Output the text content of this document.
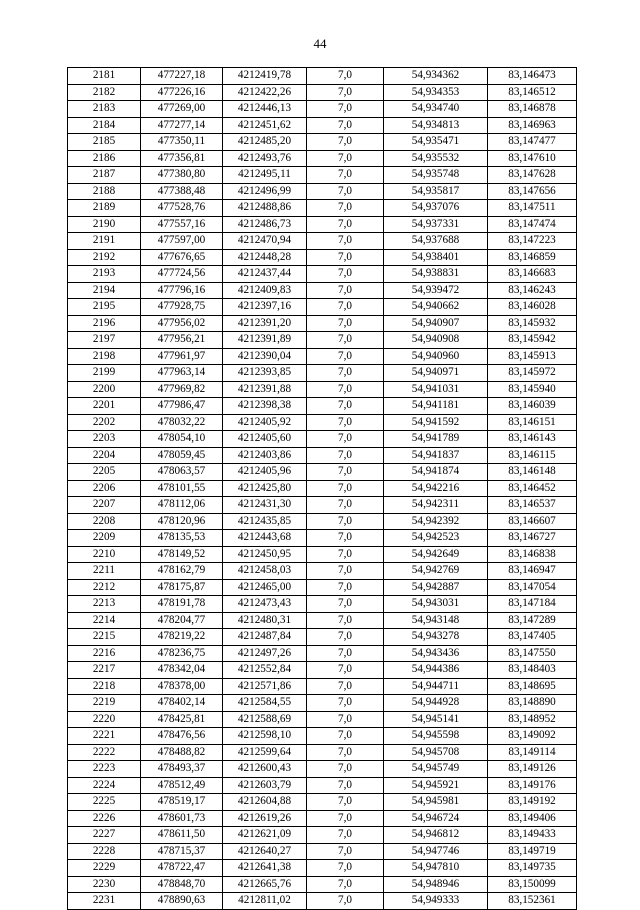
44
2181	477227,18	4212419,78	7,0	54,934362	83,146473
2182	477226,16	4212422,26	7,0	54,934353	83,146512
2183	477269,00	4212446,13	7,0	54,934740	83,146878
2184	477277,14	4212451,62	7,0	54,934813	83,146963
2185	477350,11	4212485,20	7,0	54,935471	83,147477
2186	477356,81	4212493,76	7,0	54,935532	83,147610
2187	477380,80	4212495,11	7,0	54,935748	83,147628
2188	477388,48	4212496,99	7,0	54,935817	83,147656
2189	477528,76	4212488,86	7,0	54,937076	83,147511
2190	477557,16	4212486,73	7,0	54,937331	83,147474
2191	477597,00	4212470,94	7,0	54,937688	83,147223
2192	477676,65	4212448,28	7,0	54,938401	83,146859
2193	477724,56	4212437,44	7,0	54,938831	83,146683
2194	477796,16	4212409,83	7,0	54,939472	83,146243
2195	477928,75	4212397,16	7,0	54,940662	83,146028
2196	477956,02	4212391,20	7,0	54,940907	83,145932
2197	477956,21	4212391,89	7,0	54,940908	83,145942
2198	477961,97	4212390,04	7,0	54,940960	83,145913
2199	477963,14	4212393,85	7,0	54,940971	83,145972
2200	477969,82	4212391,88	7,0	54,941031	83,145940
2201	477986,47	4212398,38	7,0	54,941181	83,146039
2202	478032,22	4212405,92	7,0	54,941592	83,146151
2203	478054,10	4212405,60	7,0	54,941789	83,146143
2204	478059,45	4212403,86	7,0	54,941837	83,146115
2205	478063,57	4212405,96	7,0	54,941874	83,146148
2206	478101,55	4212425,80	7,0	54,942216	83,146452
2207	478112,06	4212431,30	7,0	54,942311	83,146537
2208	478120,96	4212435,85	7,0	54,942392	83,146607
2209	478135,53	4212443,68	7,0	54,942523	83,146727
2210	478149,52	4212450,95	7,0	54,942649	83,146838
2211	478162,79	4212458,03	7,0	54,942769	83,146947
2212	478175,87	4212465,00	7,0	54,942887	83,147054
2213	478191,78	4212473,43	7,0	54,943031	83,147184
2214	478204,77	4212480,31	7,0	54,943148	83,147289
2215	478219,22	4212487,84	7,0	54,943278	83,147405
2216	478236,75	4212497,26	7,0	54,943436	83,147550
2217	478342,04	4212552,84	7,0	54,944386	83,148403
2218	478378,00	4212571,86	7,0	54,944711	83,148695
2219	478402,14	4212584,55	7,0	54,944928	83,148890
2220	478425,81	4212588,69	7,0	54,945141	83,148952
2221	478476,56	4212598,10	7,0	54,945598	83,149092
2222	478488,82	4212599,64	7,0	54,945708	83,149114
2223	478493,37	4212600,43	7,0	54,945749	83,149126
2224	478512,49	4212603,79	7,0	54,945921	83,149176
2225	478519,17	4212604,88	7,0	54,945981	83,149192
2226	478601,73	4212619,26	7,0	54,946724	83,149406
2227	478611,50	4212621,09	7,0	54,946812	83,149433
2228	478715,37	4212640,27	7,0	54,947746	83,149719
2229	478722,47	4212641,38	7,0	54,947810	83,149735
2230	478848,70	4212665,76	7,0	54,948946	83,150099
2231	478890,63	4212811,02	7,0	54,949333	83,152361
